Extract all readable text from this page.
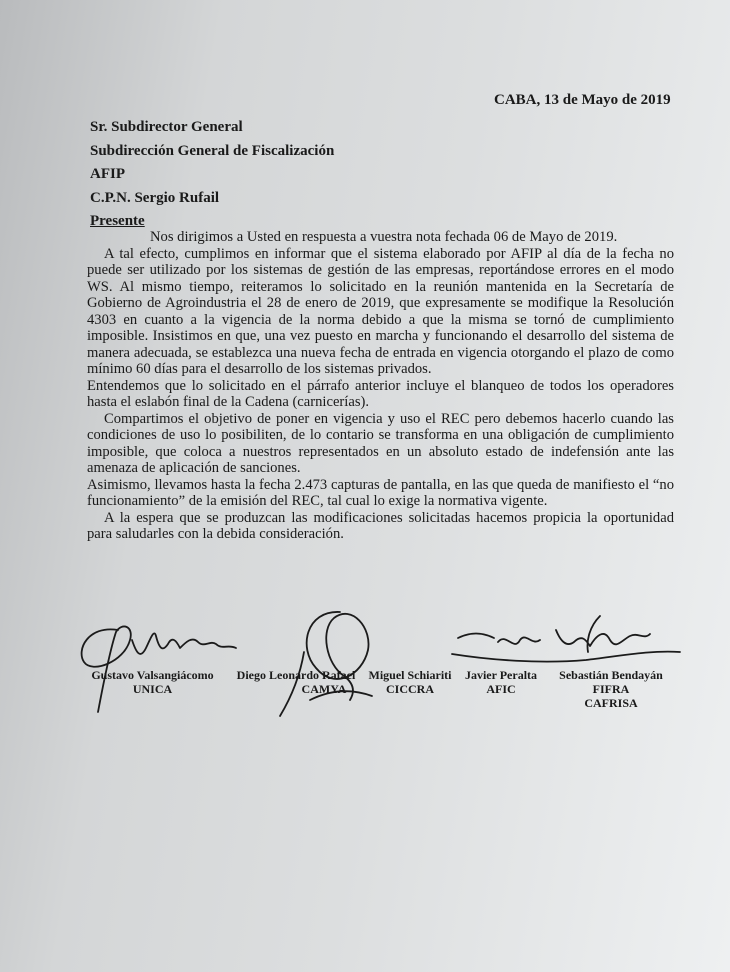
CABA, 13 de Mayo de 2019
Sr. Subdirector General
Subdirección General de Fiscalización
AFIP
C.P.N. Sergio Rufail
Presente

Nos dirigimos a Usted en respuesta a vuestra nota fechada 06 de Mayo de 2019.

A tal efecto, cumplimos en informar que el sistema elaborado por AFIP al día de la fecha no puede ser utilizado por los sistemas de gestión de las empresas, reportándose errores en el modo WS. Al mismo tiempo, reiteramos lo solicitado en la reunión mantenida en la Secretaría de Gobierno de Agroindustria el 28 de enero de 2019, que expresamente se modifique la Resolución 4303 en cuanto a la vigencia de la norma debido a que la misma se tornó de cumplimiento imposible. Insistimos en que, una vez puesto en marcha y funcionando el desarrollo del sistema de manera adecuada, se establezca una nueva fecha de entrada en vigencia otorgando el plazo de como mínimo 60 días para el desarrollo de los sistemas privados.

Entendemos que lo solicitado en el párrafo anterior incluye el blanqueo de todos los operadores hasta el eslabón final de la Cadena (carnicerías).

Compartimos el objetivo de poner en vigencia y uso el REC pero debemos hacerlo cuando las condiciones de uso lo posibiliten, de lo contario se transforma en una obligación de cumplimiento imposible, que coloca a nuestros representados en un absoluto estado de indefensión ante las amenaza de aplicación de sanciones.

Asimismo, llevamos hasta la fecha 2.473 capturas de pantalla, en las que queda de manifiesto el “no funcionamiento” de la emisión del REC, tal cual lo exige la normativa vigente.

A la espera que se produzcan las modificaciones solicitadas hacemos propicia la oportunidad para saludarles con la debida consideración.

Gustavo Valsangiácomo
UNICA
Diego Leonardo Rafael
CAMYA
Miguel Schiariti
CICCRA
Javier Peralta
AFIC
Sebastián Bendayán
FIFRA
CAFRISA
